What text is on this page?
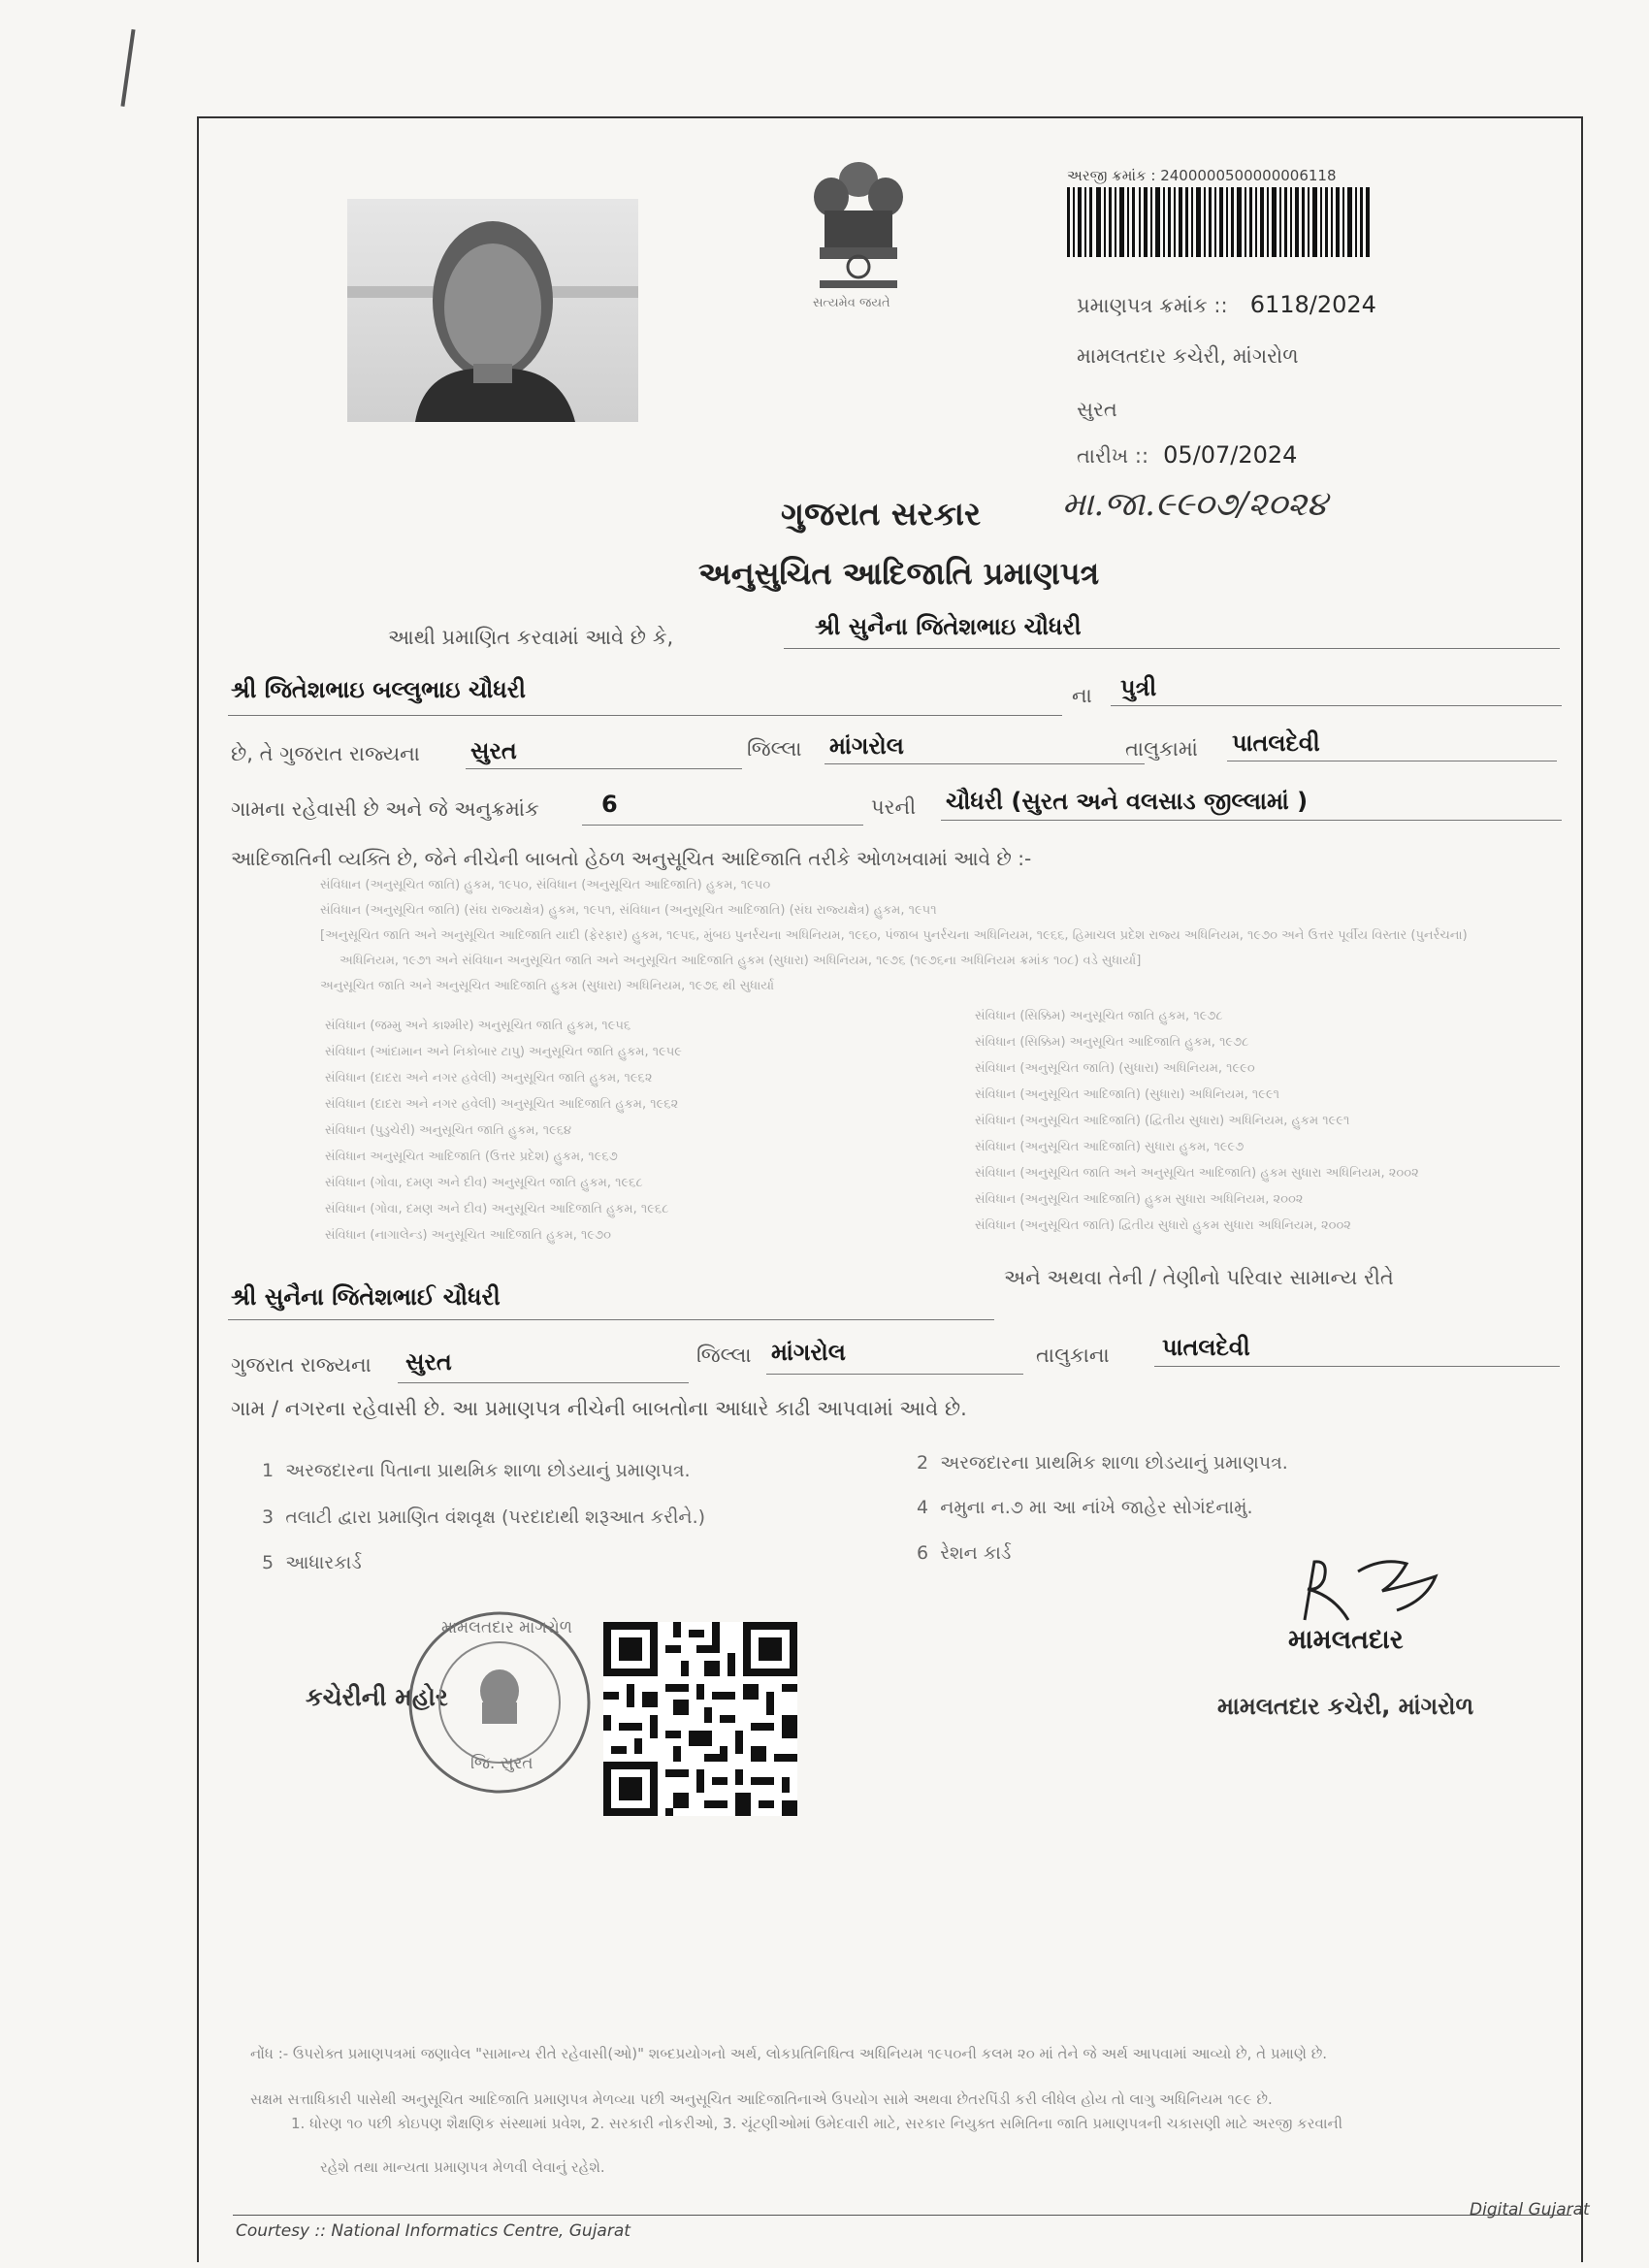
સત્યમેવ જયતે
અરજી ક્રમાંક : 2400000500000006118
પ્રમાણપત્ર ક્રમાંક :: 6118/2024
મામલતદાર કચેરી, માંગરોળ
સુરત
તારીખ :: 05/07/2024
ગુજરાત સરકાર મા.જા.૯૯૦૭/૨૦૨૪
અનુસુચિત આદિજાતિ પ્રમાણપત્ર
આથી પ્રમાણિત કરવામાં આવે છે કે,	શ્રી સુનૈના જિતેશભાઇ ચૌધરી
શ્રી જિતેશભાઇ બલ્લુભાઇ ચૌધરી	ના પુત્રી
છે, તે ગુજરાત રાજ્યના સુરત	જિલ્લા માંગરોલ	તાલુકામાં પાતલદેવી
ગામના રહેવાસી છે અને જે અનુક્રમાંક	6	પરની ચૌધરી (સુરત અને વલસાડ જીલ્લામાં )
આદિજાતિની વ્યક્તિ છે, જેને નીચેની બાબતો હેઠળ અનુસૂચિત આદિજાતિ તરીકે ઓળખવામાં આવે છે :-
સંવિધાન (અનુસૂચિત જાતિ) હુકમ, ૧૯૫૦, સંવિધાન (અનુસૂચિત આદિજાતિ) હુકમ, ૧૯૫૦
સંવિધાન (અનુસૂચિત જાતિ) (સંઘ રાજ્યક્ષેત્ર) હુકમ, ૧૯૫૧, સંવિધાન (અનુસૂચિત આદિજાતિ) (સંઘ રાજ્યક્ષેત્ર) હુકમ, ૧૯૫૧
[અનુસૂચિત જાતિ અને અનુસૂચિત આદિજાતિ યાદી (ફેરફાર) હુકમ, ૧૯૫૬, મુંબઇ પુનર્રચના અધિનિયમ, ૧૯૬૦, પંજાબ પુનર્રચના અધિનિયમ, ૧૯૬૬, હિમાચલ પ્રદેશ રાજ્ય અધિનિયમ, ૧૯૭૦ અને ઉત્તર પૂર્વીય વિસ્તાર (પુનર્રચના)
અધિનિયમ, ૧૯૭૧ અને સંવિધાન અનુસૂચિત જાતિ અને અનુસૂચિત આદિજાતિ હુકમ (સુધારા) અધિનિયમ, ૧૯૭૬ (૧૯૭૬ના અધિનિયમ ક્રમાંક ૧૦૮) વડે સુધાર્યા]
અનુસૂચિત જાતિ અને અનુસૂચિત આદિજાતિ હુકમ (સુધારા) અધિનિયમ, ૧૯૭૬ થી સુધાર્યા
સંવિધાન (જમ્મુ અને કાશ્મીર) અનુસૂચિત જાતિ હુકમ, ૧૯૫૬
સંવિધાન (આંદામાન અને નિકોબાર ટાપુ) અનુસૂચિત જાતિ હુકમ, ૧૯૫૯
સંવિધાન (દાદરા અને નગર હવેલી) અનુસૂચિત જાતિ હુકમ, ૧૯૬૨
સંવિધાન (દાદરા અને નગર હવેલી) અનુસૂચિત આદિજાતિ હુકમ, ૧૯૬૨
સંવિધાન (પુડુચેરી) અનુસૂચિત જાતિ હુકમ, ૧૯૬૪
સંવિધાન અનુસૂચિત આદિજાતિ (ઉત્તર પ્રદેશ) હુકમ, ૧૯૬૭
સંવિધાન (ગોવા, દમણ અને દીવ) અનુસૂચિત જાતિ હુકમ, ૧૯૬૮
સંવિધાન (ગોવા, દમણ અને દીવ) અનુસૂચિત આદિજાતિ હુકમ, ૧૯૬૮
સંવિધાન (નાગાલેન્ડ) અનુસૂચિત આદિજાતિ હુકમ, ૧૯૭૦
સંવિધાન (સિક્કિમ) અનુસૂચિત જાતિ હુકમ, ૧૯૭૮
સંવિધાન (સિક્કિમ) અનુસૂચિત આદિજાતિ હુકમ, ૧૯૭૮
સંવિધાન (અનુસૂચિત જાતિ) (સુધારા) અધિનિયમ, ૧૯૯૦
સંવિધાન (અનુસૂચિત આદિજાતિ) (સુધારા) અધિનિયમ, ૧૯૯૧
સંવિધાન (અનુસૂચિત આદિજાતિ) (દ્વિતીય સુધારા) અધિનિયમ, હુકમ ૧૯૯૧
સંવિધાન (અનુસૂચિત આદિજાતિ) સુધારા હુકમ, ૧૯૯૭
સંવિધાન (અનુસૂચિત જાતિ અને અનુસૂચિત આદિજાતિ) હુકમ સુધારા અધિનિયમ, ૨૦૦૨
સંવિધાન (અનુસૂચિત આદિજાતિ) હુકમ સુધારા અધિનિયમ, ૨૦૦૨
સંવિધાન (અનુસૂચિત જાતિ) દ્વિતીય સુધારો હુકમ સુધારા અધિનિયમ, ૨૦૦૨
શ્રી સુનૈના જિતેશભાઈ ચૌધરી
અને અથવા તેની / તેણીનો પરિવાર સામાન્ય રીતે
ગુજરાત રાજ્યના સુરત	જિલ્લા માંગરોલ	તાલુકાના પાતલદેવી
ગામ / નગરના રહેવાસી છે. આ પ્રમાણપત્ર નીચેની બાબતોના આધારે કાઢી આપવામાં આવે છે.
1 અરજદારના પિતાના પ્રાથમિક શાળા છોડયાનું પ્રમાણપત્ર.	2 અરજદારના પ્રાથમિક શાળા છોડયાનું પ્રમાણપત્ર.
3 તલાટી દ્વારા પ્રમાણિત વંશવૃક્ષ (પરદાદાથી શરૂઆત કરીને.)	4 નમુના ન.૭ મા આ નાંખે જાહેર સોગંદનામું.
5 આધારકાર્ડ	6 રેશન કાર્ડ
મામલતદાર
મામલતદાર કચેરી, માંગરોળ
કચેરીની મહોર
મામલતદાર માંગરોળ
જિ. સુરત
નોંધ :- ઉપરોક્ત પ્રમાણપત્રમાં જણાવેલ "સામાન્ય રીતે રહેવાસી(ઓ)" શબ્દપ્રયોગનો અર્થ, લોકપ્રતિનિધિત્વ અધિનિયમ ૧૯૫૦ની કલમ ૨૦ માં તેને જે અર્થ આપવામાં આવ્યો છે, તે પ્રમાણે છે.
સક્ષમ સત્તાધિકારી પાસેથી અનુસૂચિત આદિજાતિ પ્રમાણપત્ર મેળવ્યા પછી અનુસૂચિત આદિજાતિનાએ ઉપયોગ સામે અથવા છેતરપિંડી કરી લીધેલ હોય તો લાગુ અધિનિયમ ૧૯૯ છે.
1. ધોરણ ૧૦ પછી કોઇપણ શૈક્ષણિક સંસ્થામાં પ્રવેશ, 2. સરકારી નોકરીઓ, 3. ચૂંટણીઓમાં ઉમેદવારી માટે, સરકાર નિયુક્ત સમિતિના જાતિ પ્રમાણપત્રની ચકાસણી માટે અરજી કરવાની
રહેશે તથા માન્યતા પ્રમાણપત્ર મેળવી લેવાનું રહેશે.
Courtesy :: National Informatics Centre, Gujarat
Digital Gujarat
